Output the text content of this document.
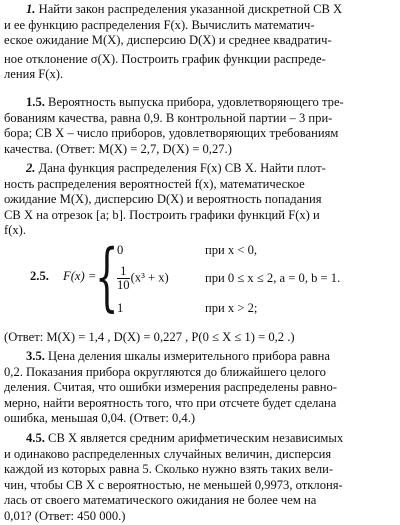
1. Найти закон распределения указанной дискретной СВ X

и ее функцию распределения F(x). Вычислить математич-

еское ожидание M(X), дисперсию D(X) и среднее квадратич-

ное отклонение σ(X). Построить график функции распреде-

ления F(x).

1.5. Вероятность выпуска прибора, удовлетворяющего тре-

бованиям качества, равна 0,9. В контрольной партии – 3 при-

бора; СВ X – число приборов, удовлетворяющих требованиям

качества. (Ответ: M(X) = 2,7, D(X) = 0,27.)

2. Дана функция распределения F(x) СВ X. Найти плот-

ность распределения вероятностей f(x), математическое

ожидание M(X), дисперсию D(X) и вероятность попадания

СВ X на отрезок [a; b]. Построить графики функций F(x) и

f(x).

2.5. F(x) =
{
0	при x < 0,
$\frac{1}{10} (x^3 + x)$	при 0 ≤ x ≤ 2, a = 0, b = 1.
1	при x > 2;

(Ответ: M(X) = 1,4 , D(X) = 0,227 , P(0 ≤ X ≤ 1) = 0,2 .)

3.5. Цена деления шкалы измерительного прибора равна

0,2. Показания прибора округляются до ближайшего целого

деления. Считая, что ошибки измерения распределены равно-

мерно, найти вероятность того, что при отсчете будет сделана

ошибка, меньшая 0,04. (Ответ: 0,4.)

4.5. СВ X является средним арифметическим независимых

и одинаково распределенных случайных величин, дисперсия

каждой из которых равна 5. Сколько нужно взять таких вели-

чин, чтобы СВ X с вероятностью, не меньшей 0,9973, отклоня-

лась от своего математического ожидания не более чем на

0,01? (Ответ: 450 000.)
